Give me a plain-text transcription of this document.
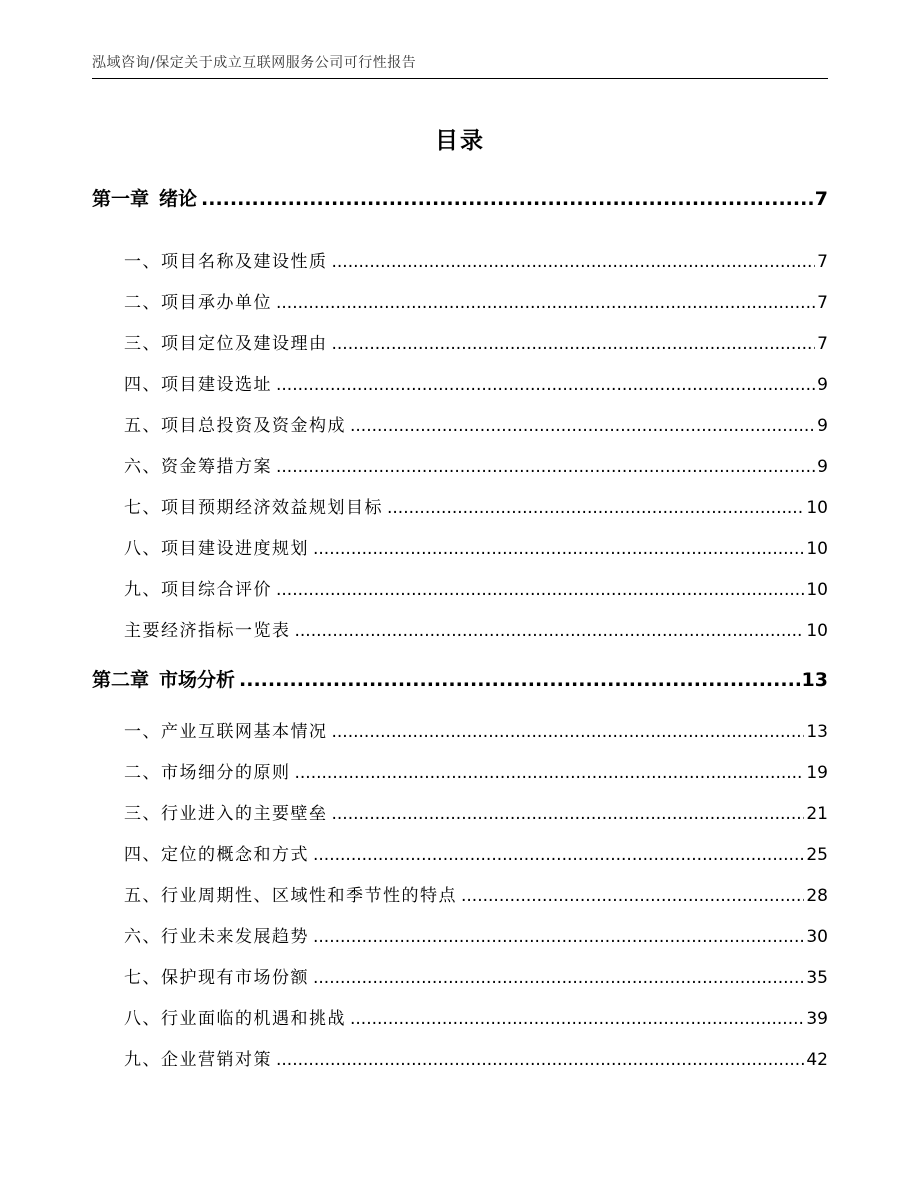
泓域咨询/保定关于成立互联网服务公司可行性报告
目录
第一章 绪论 .....	7
一、 项目名称及建设性质 .....	7
二、 项目承办单位 .....	7
三、 项目定位及建设理由 .....	7
四、 项目建设选址 .....	9
五、 项目总投资及资金构成 .....	9
六、 资金筹措方案 .....	9
七、 项目预期经济效益规划目标 .....	10
八、 项目建设进度规划 .....	10
九、 项目综合评价 .....	10
主要经济指标一览表 .....	10
第二章 市场分析 .....	13
一、 产业互联网基本情况 .....	13
二、 市场细分的原则 .....	19
三、 行业进入的主要壁垒 .....	21
四、 定位的概念和方式 .....	25
五、 行业周期性、区域性和季节性的特点 .....	28
六、 行业未来发展趋势 .....	30
七、 保护现有市场份额 .....	35
八、 行业面临的机遇和挑战 .....	39
九、 企业营销对策 .....	42
